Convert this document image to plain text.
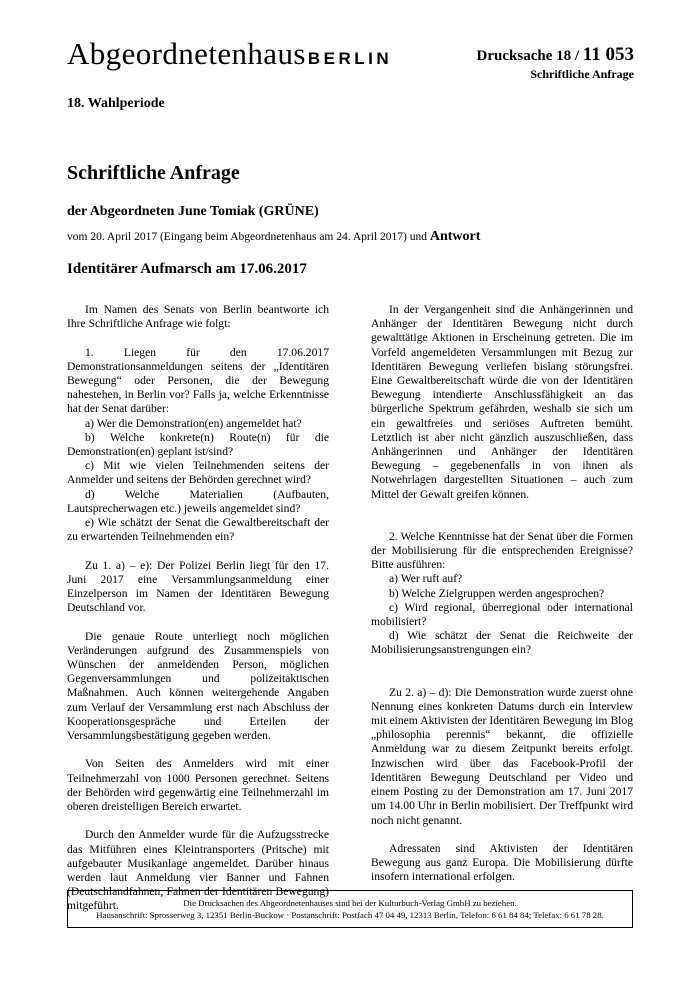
Abgeordnetenhaus BERLIN	Drucksache 18 / 11 053
Schriftliche Anfrage
18. Wahlperiode
Schriftliche Anfrage
der Abgeordneten June Tomiak (GRÜNE)
vom 20. April 2017 (Eingang beim Abgeordnetenhaus am 24. April 2017) und Antwort
Identitärer Aufmarsch am 17.06.2017

Im Namen des Senats von Berlin beantworte ich Ihre Schriftliche Anfrage wie folgt:

1. Liegen für den 17.06.2017 Demonstrationsanmeldungen seitens der „Identitären Bewegung“ oder Personen, die der Bewegung nahestehen, in Berlin vor? Falls ja, welche Erkenntnisse hat der Senat darüber:

a) Wer die Demonstration(en) angemeldet hat?

b) Welche konkrete(n) Route(n) für die Demonstration(en) geplant ist/sind?

c) Mit wie vielen Teilnehmenden seitens der Anmelder und seitens der Behörden gerechnet wird?

d) Welche Materialien (Aufbauten, Lautsprecherwagen etc.) jeweils angemeldet sind?

e) Wie schätzt der Senat die Gewaltbereitschaft der zu erwartenden Teilnehmenden ein?

Zu 1. a) – e): Der Polizei Berlin liegt für den 17. Juni 2017 eine Versammlungsanmeldung einer Einzelperson im Namen der Identitären Bewegung Deutschland vor.

Die genaue Route unterliegt noch möglichen Veränderungen aufgrund des Zusammenspiels von Wünschen der anmeldenden Person, möglichen Gegenversammlungen und polizeitaktischen Maßnahmen. Auch können weitergehende Angaben zum Verlauf der Versammlung erst nach Abschluss der Kooperationsgespräche und Erteilen der Versammlungsbestätigung gegeben werden.

Von Seiten des Anmelders wird mit einer Teilnehmerzahl von 1000 Personen gerechnet. Seitens der Behörden wird gegenwärtig eine Teilnehmerzahl im oberen dreistelligen Bereich erwartet.

Durch den Anmelder wurde für die Aufzugsstrecke das Mitführen eines Kleintransporters (Pritsche) mit aufgebauter Musikanlage angemeldet. Darüber hinaus werden laut Anmeldung vier Banner und Fahnen (Deutschlandfahnen, Fahnen der Identitären Bewegung) mitgeführt.

In der Vergangenheit sind die Anhängerinnen und Anhänger der Identitären Bewegung nicht durch gewalttätige Aktionen in Erscheinung getreten. Die im Vorfeld angemeldeten Versammlungen mit Bezug zur Identitären Bewegung verliefen bislang störungsfrei. Eine Gewaltbereitschaft würde die von der Identitären Bewegung intendierte Anschlussfähigkeit an das bürgerliche Spektrum gefährden, weshalb sie sich um ein gewaltfreies und seriöses Auftreten bemüht. Letztlich ist aber nicht gänzlich auszuschließen, dass Anhängerinnen und Anhänger der Identitären Bewegung – gegebenenfalls in von ihnen als Notwehrlagen dargestellten Situationen – auch zum Mittel der Gewalt greifen können.

2. Welche Kenntnisse hat der Senat über die Formen der Mobilisierung für die entsprechenden Ereignisse? Bitte ausführen:

a) Wer ruft auf?

b) Welche Zielgruppen werden angesprochen?

c) Wird regional, überregional oder international mobilisiert?

d) Wie schätzt der Senat die Reichweite der Mobilisierungsanstrengungen ein?

Zu 2. a) – d): Die Demonstration wurde zuerst ohne Nennung eines konkreten Datums durch ein Interview mit einem Aktivisten der Identitären Bewegung im Blog „philosophia perennis“ bekannt, die offizielle Anmeldung war zu diesem Zeitpunkt bereits erfolgt. Inzwischen wird über das Facebook-Profil der Identitären Bewegung Deutschland per Video und einem Posting zu der Demonstration am 17. Juni 2017 um 14.00 Uhr in Berlin mobilisiert. Der Treffpunkt wird noch nicht genannt.

Adressaten sind Aktivisten der Identitären Bewegung aus ganz Europa. Die Mobilisierung dürfte insofern international erfolgen.

Die Drucksachen des Abgeordnetenhauses sind bei der Kulturbuch-Verlag GmbH zu beziehen.
Hausanschrift: Sprosserweg 3, 12351 Berlin-Buckow · Postanschrift: Postfach 47 04 49, 12313 Berlin, Telefon: 6 61 84 84; Telefax: 6 61 78 28.
